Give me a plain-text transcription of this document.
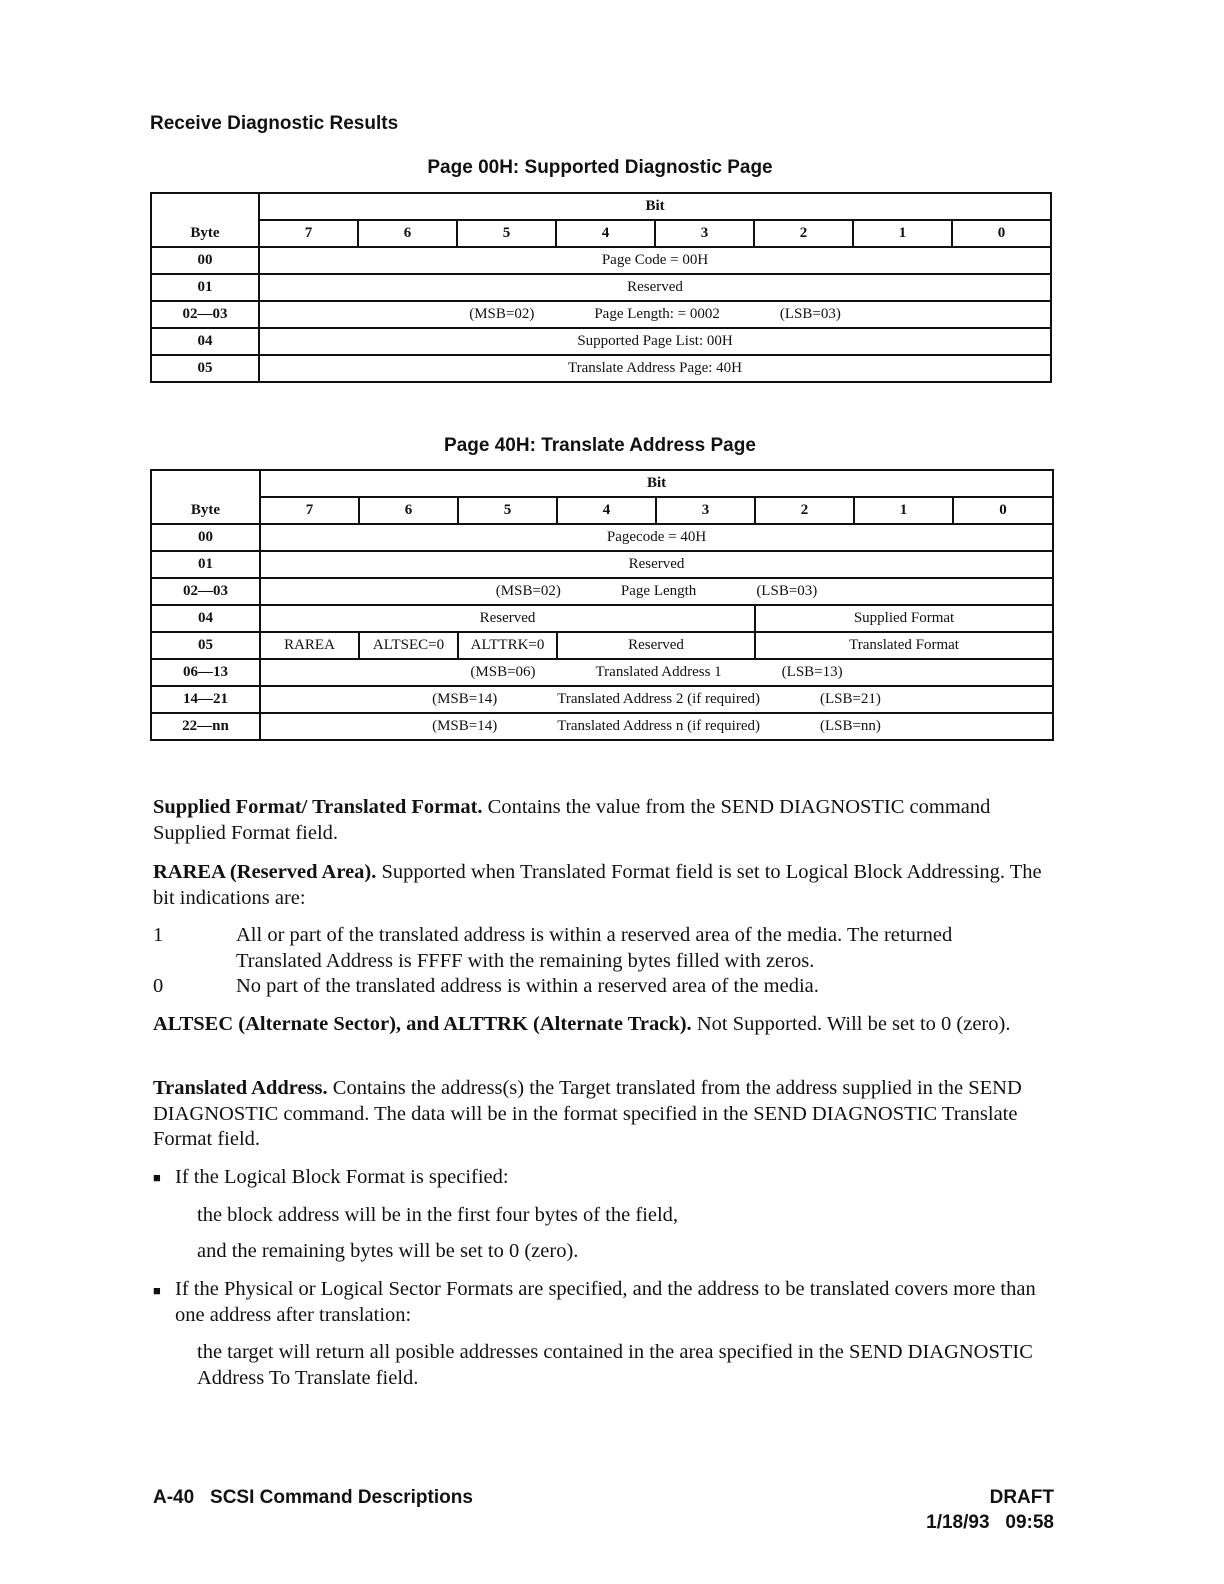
Receive Diagnostic Results
Page 00H: Supported Diagnostic Page
	Bit							
Byte	7	6	5	4	3	2	1	0
00	Page Code = 00H							
01	Reserved							
02—03	(MSB=02) Page Length: = 0002 (LSB=03)							

04	Supported Page List: 00H							
05	Translate Address Page: 40H							
Page 40H: Translate Address Page
	Bit							
Byte	7	6	5	4	3	2	1	0
00	Pagecode = 40H							
01	Reserved							
02—03	(MSB=02) Page Length (LSB=03)							

04	Reserved					Supplied Format		
05	RAREA	ALTSEC=0	ALTTRK=0	Reserved		Translated Format		
06—13	(MSB=06) Translated Address 1 (LSB=13)							

14—21	(MSB=14) Translated Address 2 (if required) (LSB=21)							

22—nn	(MSB=14) Translated Address n (if required) (LSB=nn)							
Supplied Format/ Translated Format. Contains the value from the SEND DIAGNOSTIC command Supplied Format field.
RAREA (Reserved Area). Supported when Translated Format field is set to Logical Block Addressing. The bit indications are:
1	All or part of the translated address is within a reserved area of the media. The returned Translated Address is FFFF with the remaining bytes filled with zeros.
0	No part of the translated address is within a reserved area of the media.
ALTSEC (Alternate Sector), and ALTTRK (Alternate Track). Not Supported. Will be set to 0 (zero).
Translated Address. Contains the address(s) the Target translated from the address supplied in the SEND DIAGNOSTIC command. The data will be in the format specified in the SEND DIAGNOSTIC Translate Format field.
■ If the Logical Block Format is specified:
the block address will be in the first four bytes of the field,
and the remaining bytes will be set to 0 (zero).
■ If the Physical or Logical Sector Formats are specified, and the address to be translated covers more than one address after translation:
the target will return all posible addresses contained in the area specified in the SEND DIAGNOSTIC Address To Translate field.
A-40 SCSI Command Descriptions	DRAFT
1/18/93 09:58
